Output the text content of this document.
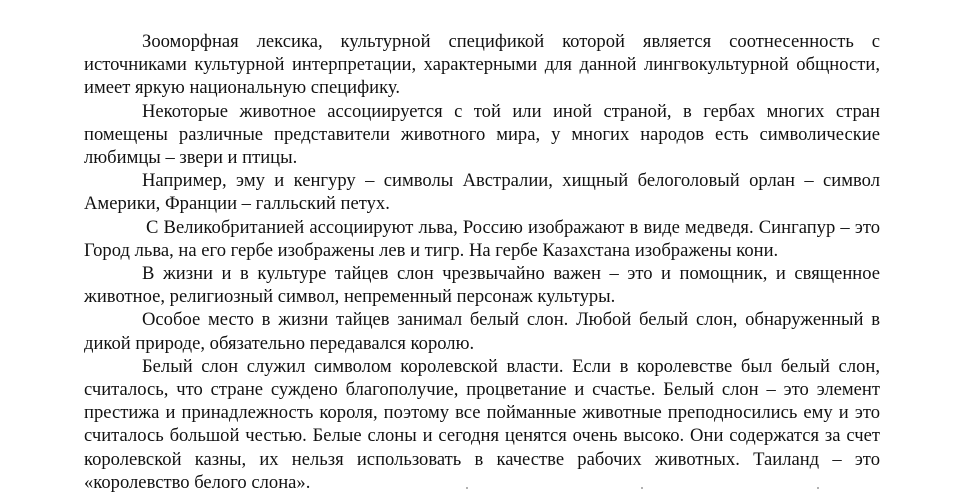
Зооморфная лексика, культурной спецификой которой является соотнесенность с источниками культурной интерпретации, характерными для данной лингвокультурной общности, имеет яркую национальную специфику.

Некоторые животное ассоциируется с той или иной страной, в гербах многих стран помещены различные представители животного мира, у многих народов есть символические любимцы – звери и птицы.

Например, эму и кенгуру – символы Австралии, хищный белоголовый орлан – символ Америки, Франции – галльский петух.

С Великобританией ассоциируют льва, Россию изображают в виде медведя. Сингапур – это Город льва, на его гербе изображены лев и тигр. На гербе Казахстана изображены кони.

В жизни и в культуре тайцев слон чрезвычайно важен – это и помощник, и священное животное, религиозный символ, непременный персонаж культуры.

Особое место в жизни тайцев занимал белый слон. Любой белый слон, обнаруженный в дикой природе, обязательно передавался королю.

Белый слон служил символом королевской власти. Если в королевстве был белый слон, считалось, что стране суждено благополучие, процветание и счастье. Белый слон – это элемент престижа и принадлежность короля, поэтому все пойманные животные преподносились ему и это считалось большой честью. Белые слоны и сегодня ценятся очень высоко. Они содержатся за счет королевской казны, их нельзя использовать в качестве рабочих животных. Таиланд – это «королевство белого слона».
